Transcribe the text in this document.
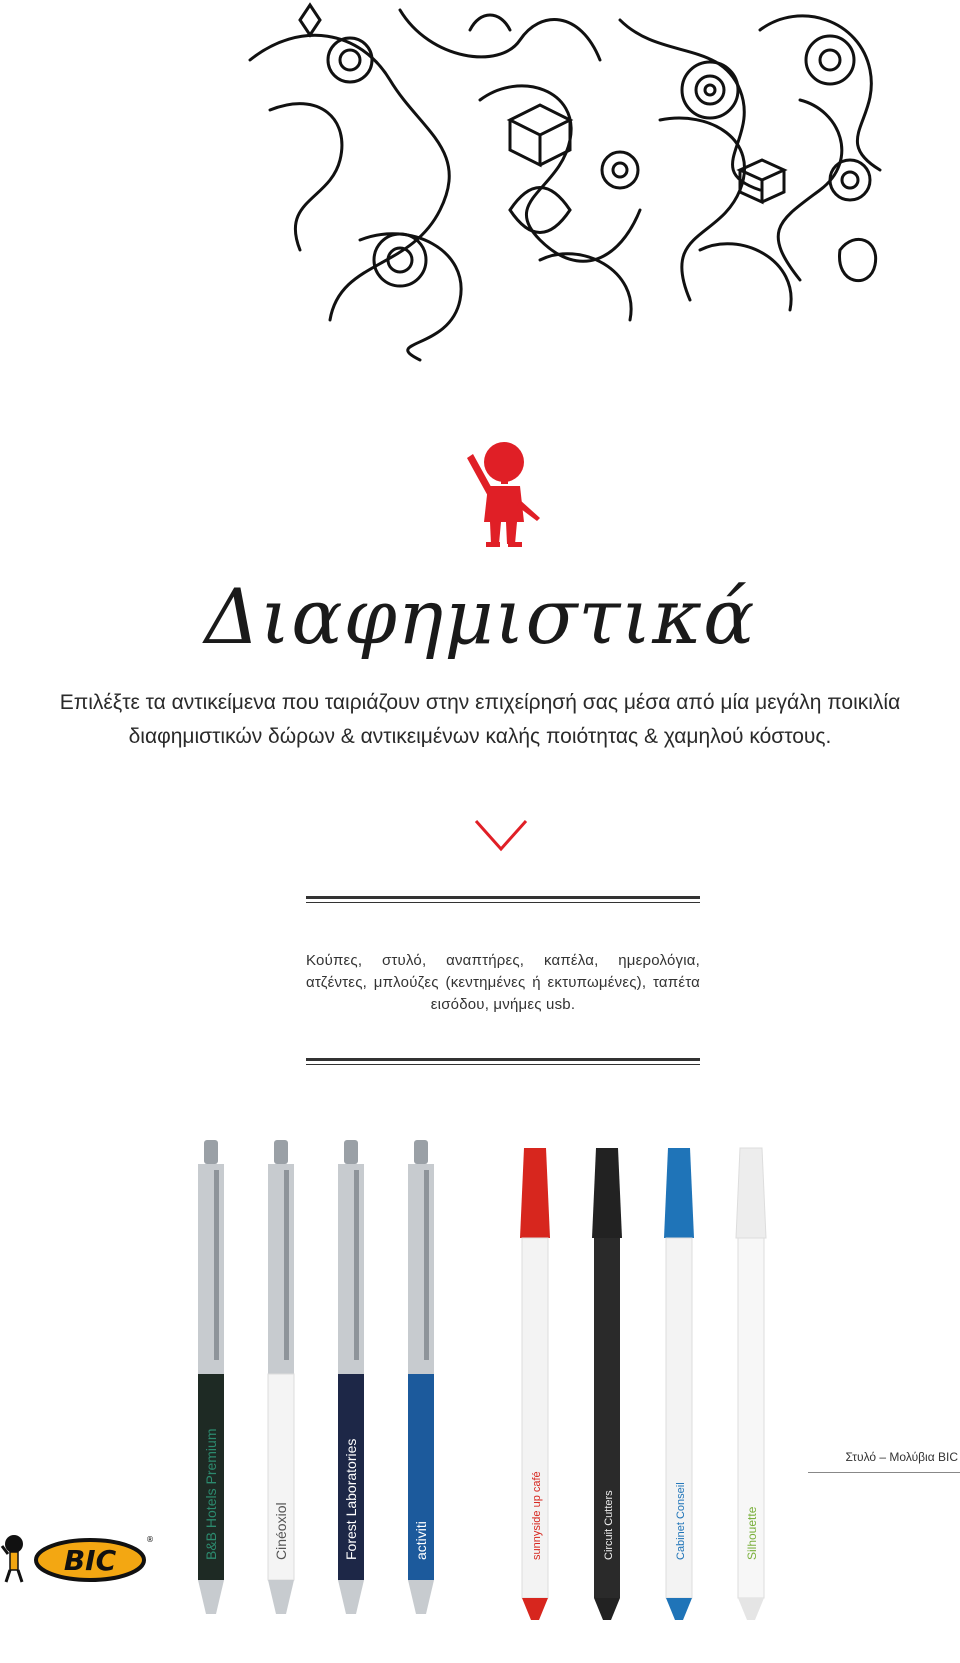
Διαφημιστικά
Επιλέξτε τα αντικείμενα που ταιριάζουν στην επιχείρησή σας μέσα από μία μεγάλη ποικιλία διαφημιστικών δώρων & αντικειμένων καλής ποιότητας & χαμηλού κόστους.
Κούπες, στυλό, αναπτήρες, καπέλα, ημερολόγια, ατζέντες, μπλούζες (κεντημένες ή εκτυπωμένες), ταπέτα εισόδου, μνήμες usb.
B&B Hotels Premium	Cinéoxiol	Forest Laboratories	activiti	sunnyside up café	Circuit Cutters	Cabinet Conseil	Silhouette
Στυλό – Μολύβια BIC
BIC
®
